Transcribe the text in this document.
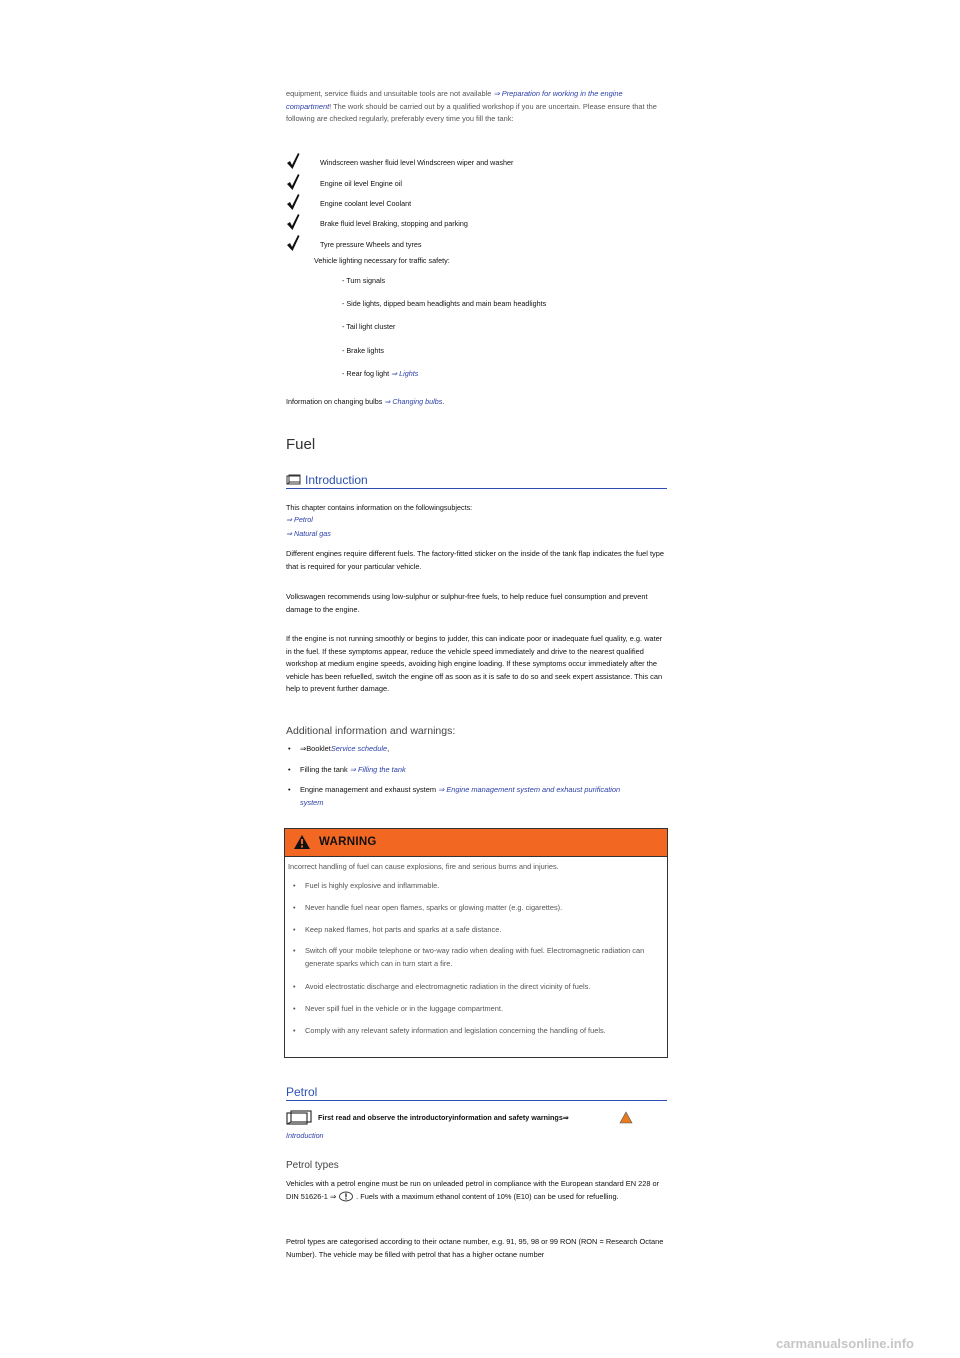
equipment, service fluids and unsuitable tools are not available ⇒ Preparation for working in the engine compartment! The work should be carried out by a qualified workshop if you are uncertain. Please ensure that the following are checked regularly, preferably every time you fill the tank:
Windscreen washer fluid level Windscreen wiper and washer
Engine oil level Engine oil
Engine coolant level Coolant
Brake fluid level Braking, stopping and parking
Tyre pressure Wheels and tyres
Vehicle lighting necessary for traffic safety:
- Turn signals
- Side lights, dipped beam headlights and main beam headlights
- Tail light cluster
- Brake lights
- Rear fog light ⇒ Lights
Information on changing bulbs ⇒ Changing bulbs.
Fuel
Introduction
This chapter contains information on the followingsubjects:
⇒ Petrol
⇒ Natural gas
Different engines require different fuels. The factory-fitted sticker on the inside of the tank flap indicates the fuel type that is required for your particular vehicle.
Volkswagen recommends using low-sulphur or sulphur-free fuels, to help reduce fuel consumption and prevent damage to the engine.
If the engine is not running smoothly or begins to judder, this can indicate poor or inadequate fuel quality, e.g. water in the fuel. If these symptoms appear, reduce the vehicle speed immediately and drive to the nearest qualified workshop at medium engine speeds, avoiding high engine loading. If these symptoms occur immediately after the vehicle has been refuelled, switch the engine off as soon as it is safe to do so and seek expert assistance. This can help to prevent further damage.
Additional information and warnings:
• ⇒BookletService schedule,
• Filling the tank ⇒ Filling the tank
• Engine management and exhaust system ⇒ Engine management system and exhaust purification system
WARNING
Incorrect handling of fuel can cause explosions, fire and serious burns and injuries.
• Fuel is highly explosive and inflammable.
• Never handle fuel near open flames, sparks or glowing matter (e.g. cigarettes).
• Keep naked flames, hot parts and sparks at a safe distance.
• Switch off your mobile telephone or two-way radio when dealing with fuel. Electromagnetic radiation can generate sparks which can in turn start a fire.
• Avoid electrostatic discharge and electromagnetic radiation in the direct vicinity of fuels.
• Never spill fuel in the vehicle or in the luggage compartment.
• Comply with any relevant safety information and legislation concerning the handling of fuels.
Petrol
First read and observe the introductoryinformation and safety warnings⇒
Introduction
Petrol types
Vehicles with a petrol engine must be run on unleaded petrol in compliance with the European standard EN 228 or DIN 51626-1 ⇒	. Fuels with a maximum ethanol content of 10% (E10) can be used for refuelling.
Petrol types are categorised according to their octane number, e.g. 91, 95, 98 or 99 RON (RON = Research Octane Number). The vehicle may be filled with petrol that has a higher octane number
carmanualsonline.info
